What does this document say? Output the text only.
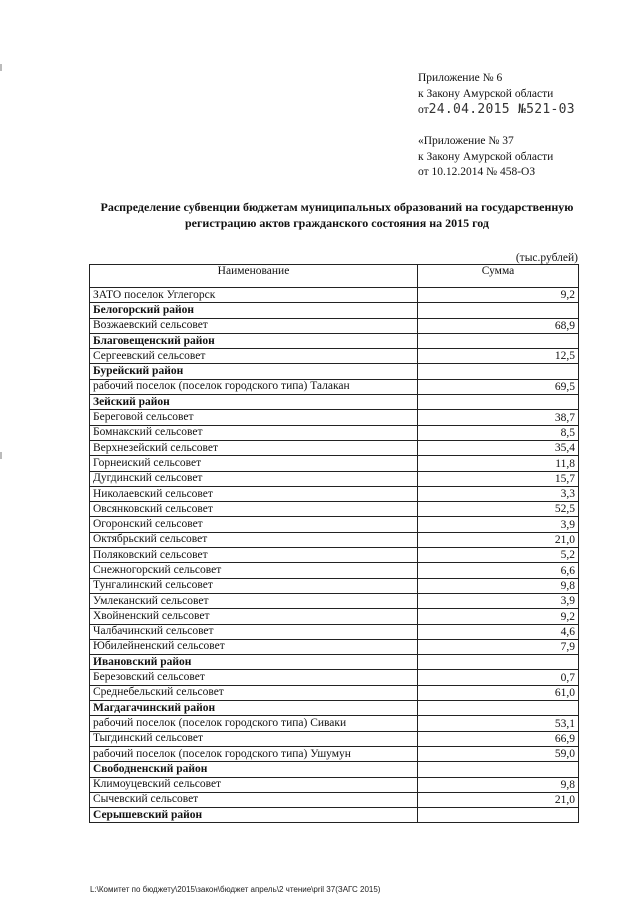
Приложение № 6
к Закону Амурской области
от24.04.2015 №521-03
«Приложение № 37
к Закону Амурской области
от 10.12.2014 № 458-ОЗ
Распределение субвенции бюджетам муниципальных образований на государственную
регистрацию актов гражданского состояния на 2015 год
(тыс.рублей)
Наименование	Сумма
ЗАТО поселок Углегорск	9,2
Белогорский район	
Возжаевский сельсовет	68,9
Благовещенский район	
Сергеевский сельсовет	12,5
Бурейский район	
рабочий поселок (поселок городского типа) Талакан	69,5
Зейский район	
Береговой сельсовет	38,7
Бомнакский сельсовет	8,5
Верхнезейский сельсовет	35,4
Горнеиский сельсовет	11,8
Дугдинский сельсовет	15,7
Николаевский сельсовет	3,3
Овсянковский сельсовет	52,5
Огоронский сельсовет	3,9
Октябрьский сельсовет	21,0
Поляковский сельсовет	5,2
Снежногорский сельсовет	6,6
Тунгалинский сельсовет	9,8
Умлеканский сельсовет	3,9
Хвойненский сельсовет	9,2
Чалбачинский сельсовет	4,6
Юбилейненский сельсовет	7,9
Ивановский район	
Березовский сельсовет	0,7
Среднебельский сельсовет	61,0
Магдагачинский район	
рабочий поселок (поселок городского типа) Сиваки	53,1
Тыгдинский сельсовет	66,9
рабочий поселок (поселок городского типа) Ушумун	59,0
Свободненский район	
Климоуцевский сельсовет	9,8
Сычевский сельсовет	21,0
Серышевский район	
L:\Комитет по бюджету\2015\закон\бюджет апрель\2 чтение\pril 37(ЗАГС 2015)
